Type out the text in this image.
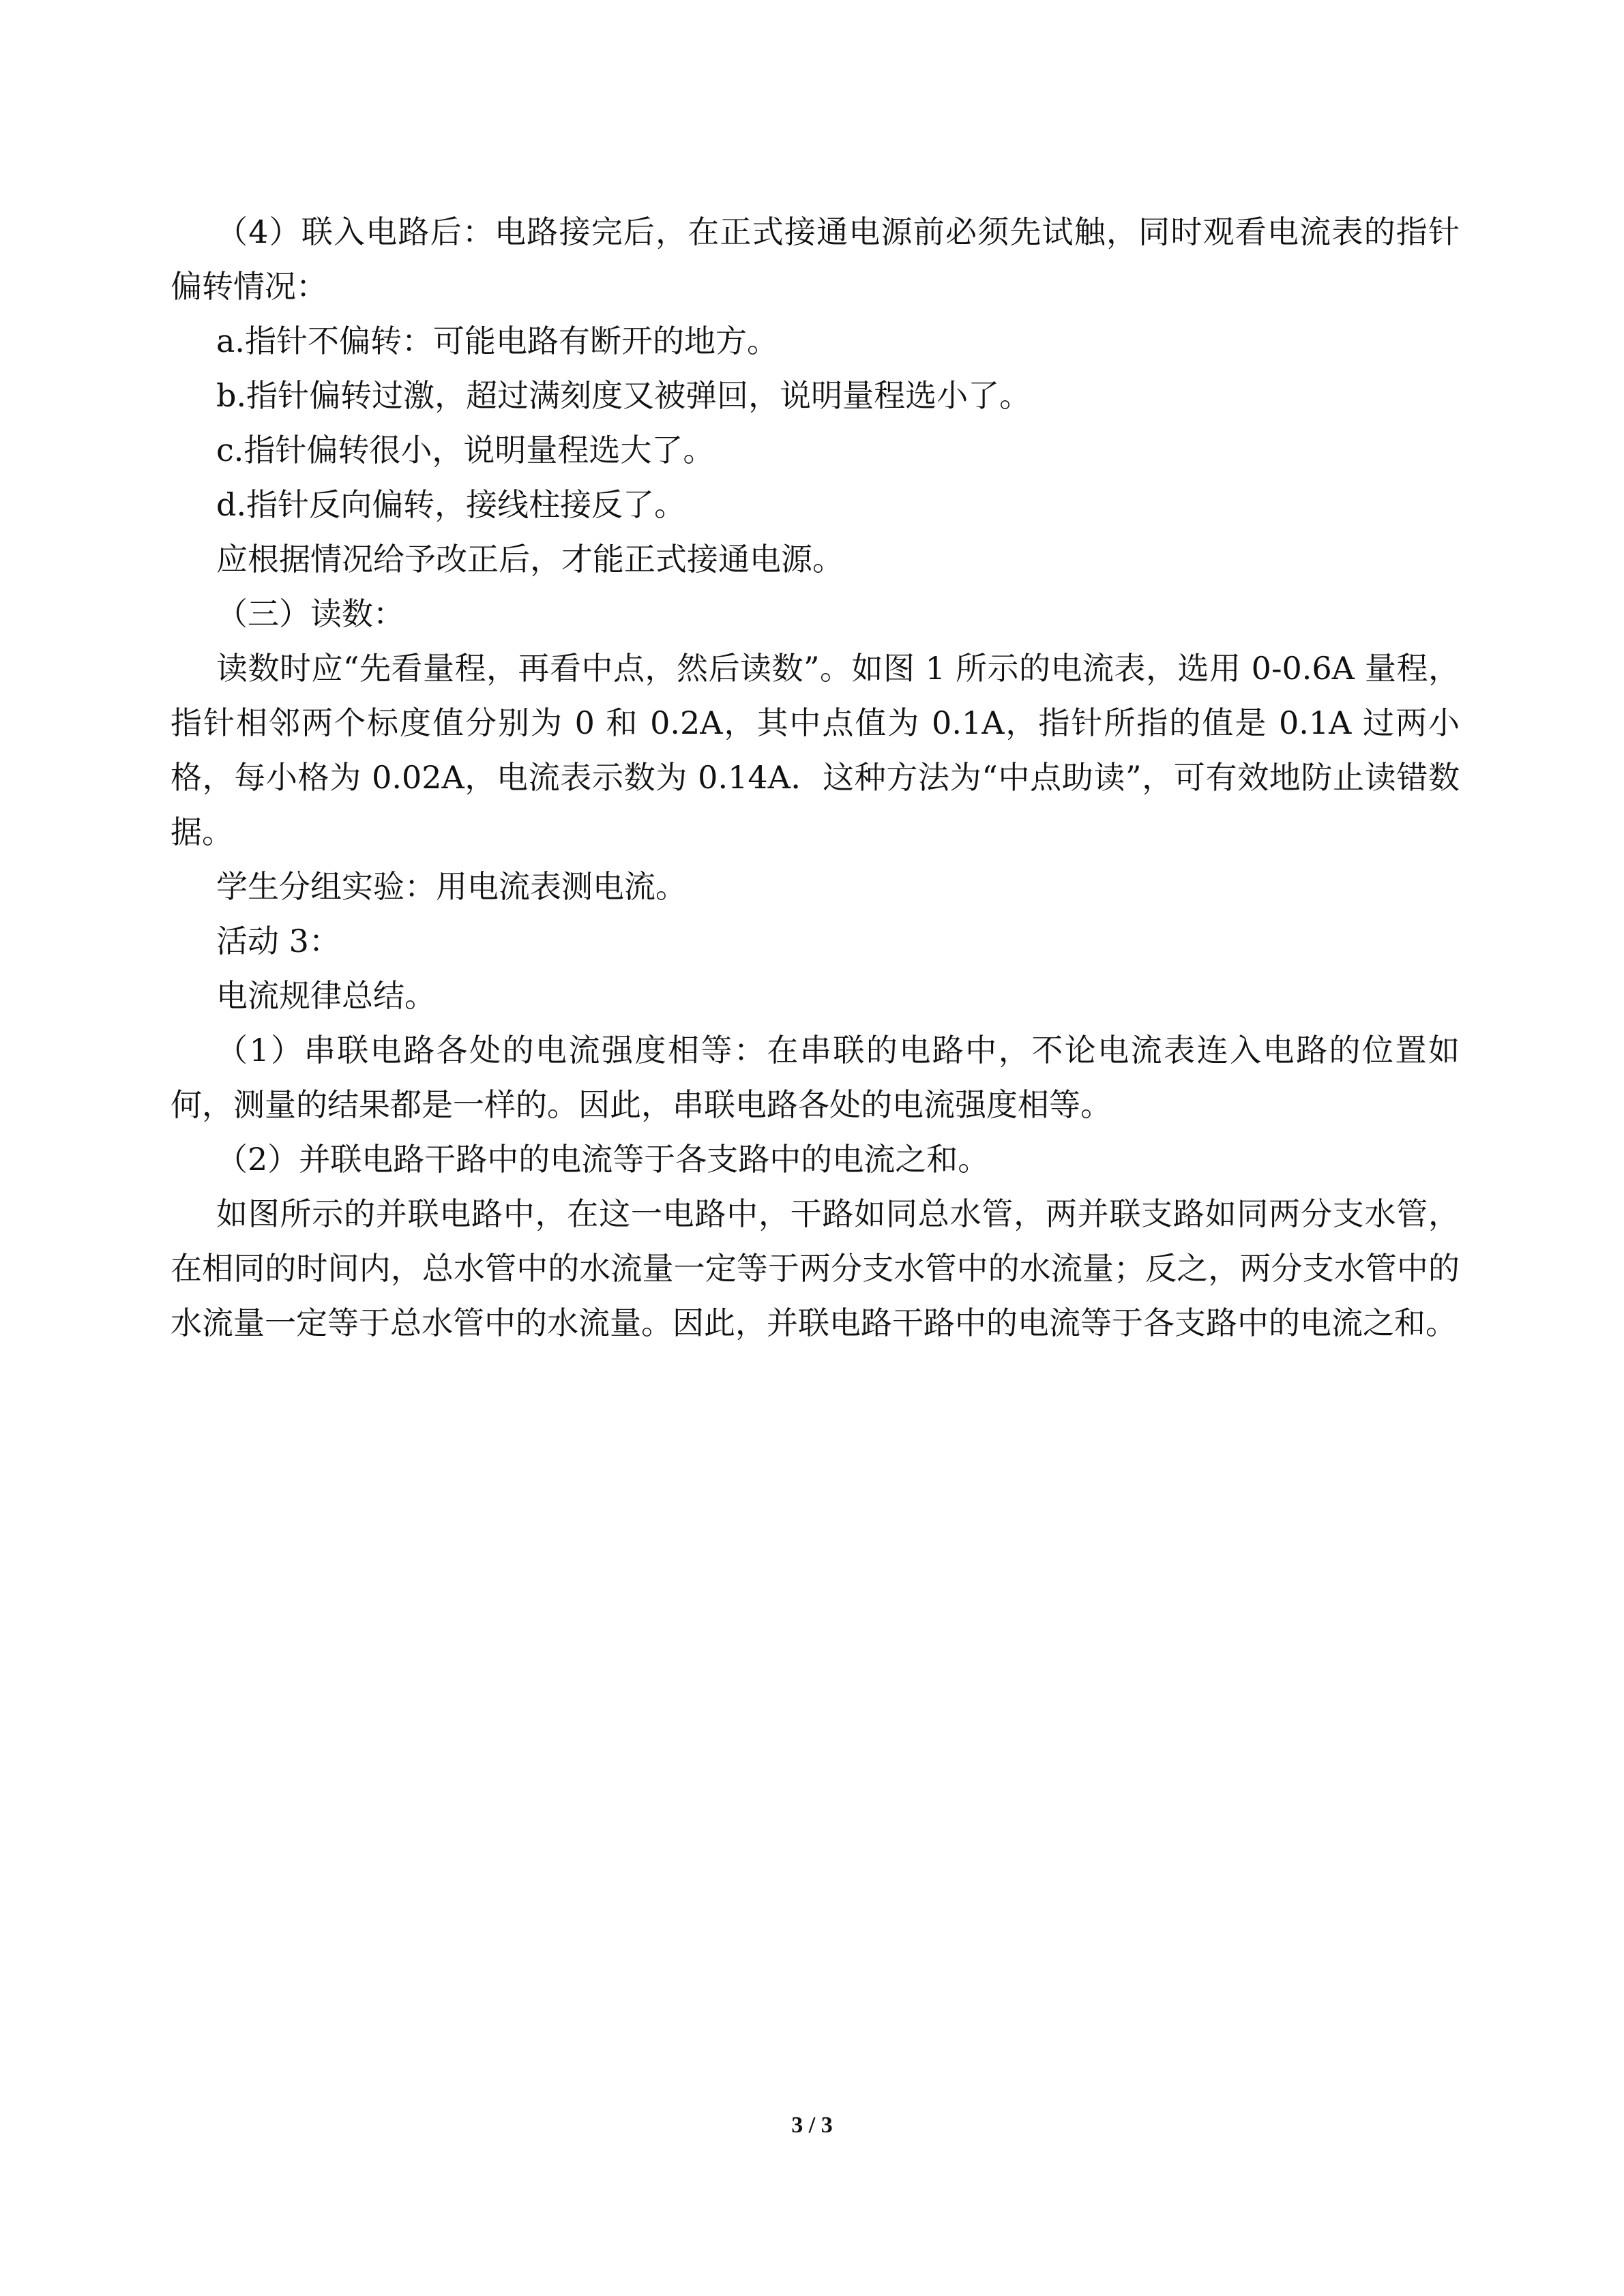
（4）联入电路后：电路接完后，在正式接通电源前必须先试触，同时观看电流表的指针偏转情况：

a.指针不偏转：可能电路有断开的地方。

b.指针偏转过激，超过满刻度又被弹回，说明量程选小了。

c.指针偏转很小，说明量程选大了。

d.指针反向偏转，接线柱接反了。

应根据情况给予改正后，才能正式接通电源。

（三）读数：

读数时应“先看量程，再看中点，然后读数”。如图 1 所示的电流表，选用 0-0.6A 量程，指针相邻两个标度值分别为 0 和 0.2A，其中点值为 0.1A，指针所指的值是 0.1A 过两小格，每小格为 0.02A，电流表示数为 0.14A．这种方法为“中点助读”，可有效地防止读错数据。

学生分组实验：用电流表测电流。

活动 3：

电流规律总结。

（1）串联电路各处的电流强度相等：在串联的电路中，不论电流表连入电路的位置如何，测量的结果都是一样的。因此，串联电路各处的电流强度相等。

（2）并联电路干路中的电流等于各支路中的电流之和。

如图所示的并联电路中，在这一电路中，干路如同总水管，两并联支路如同两分支水管，在相同的时间内，总水管中的水流量一定等于两分支水管中的水流量；反之，两分支水管中的水流量一定等于总水管中的水流量。因此，并联电路干路中的电流等于各支路中的电流之和。

3 / 3
